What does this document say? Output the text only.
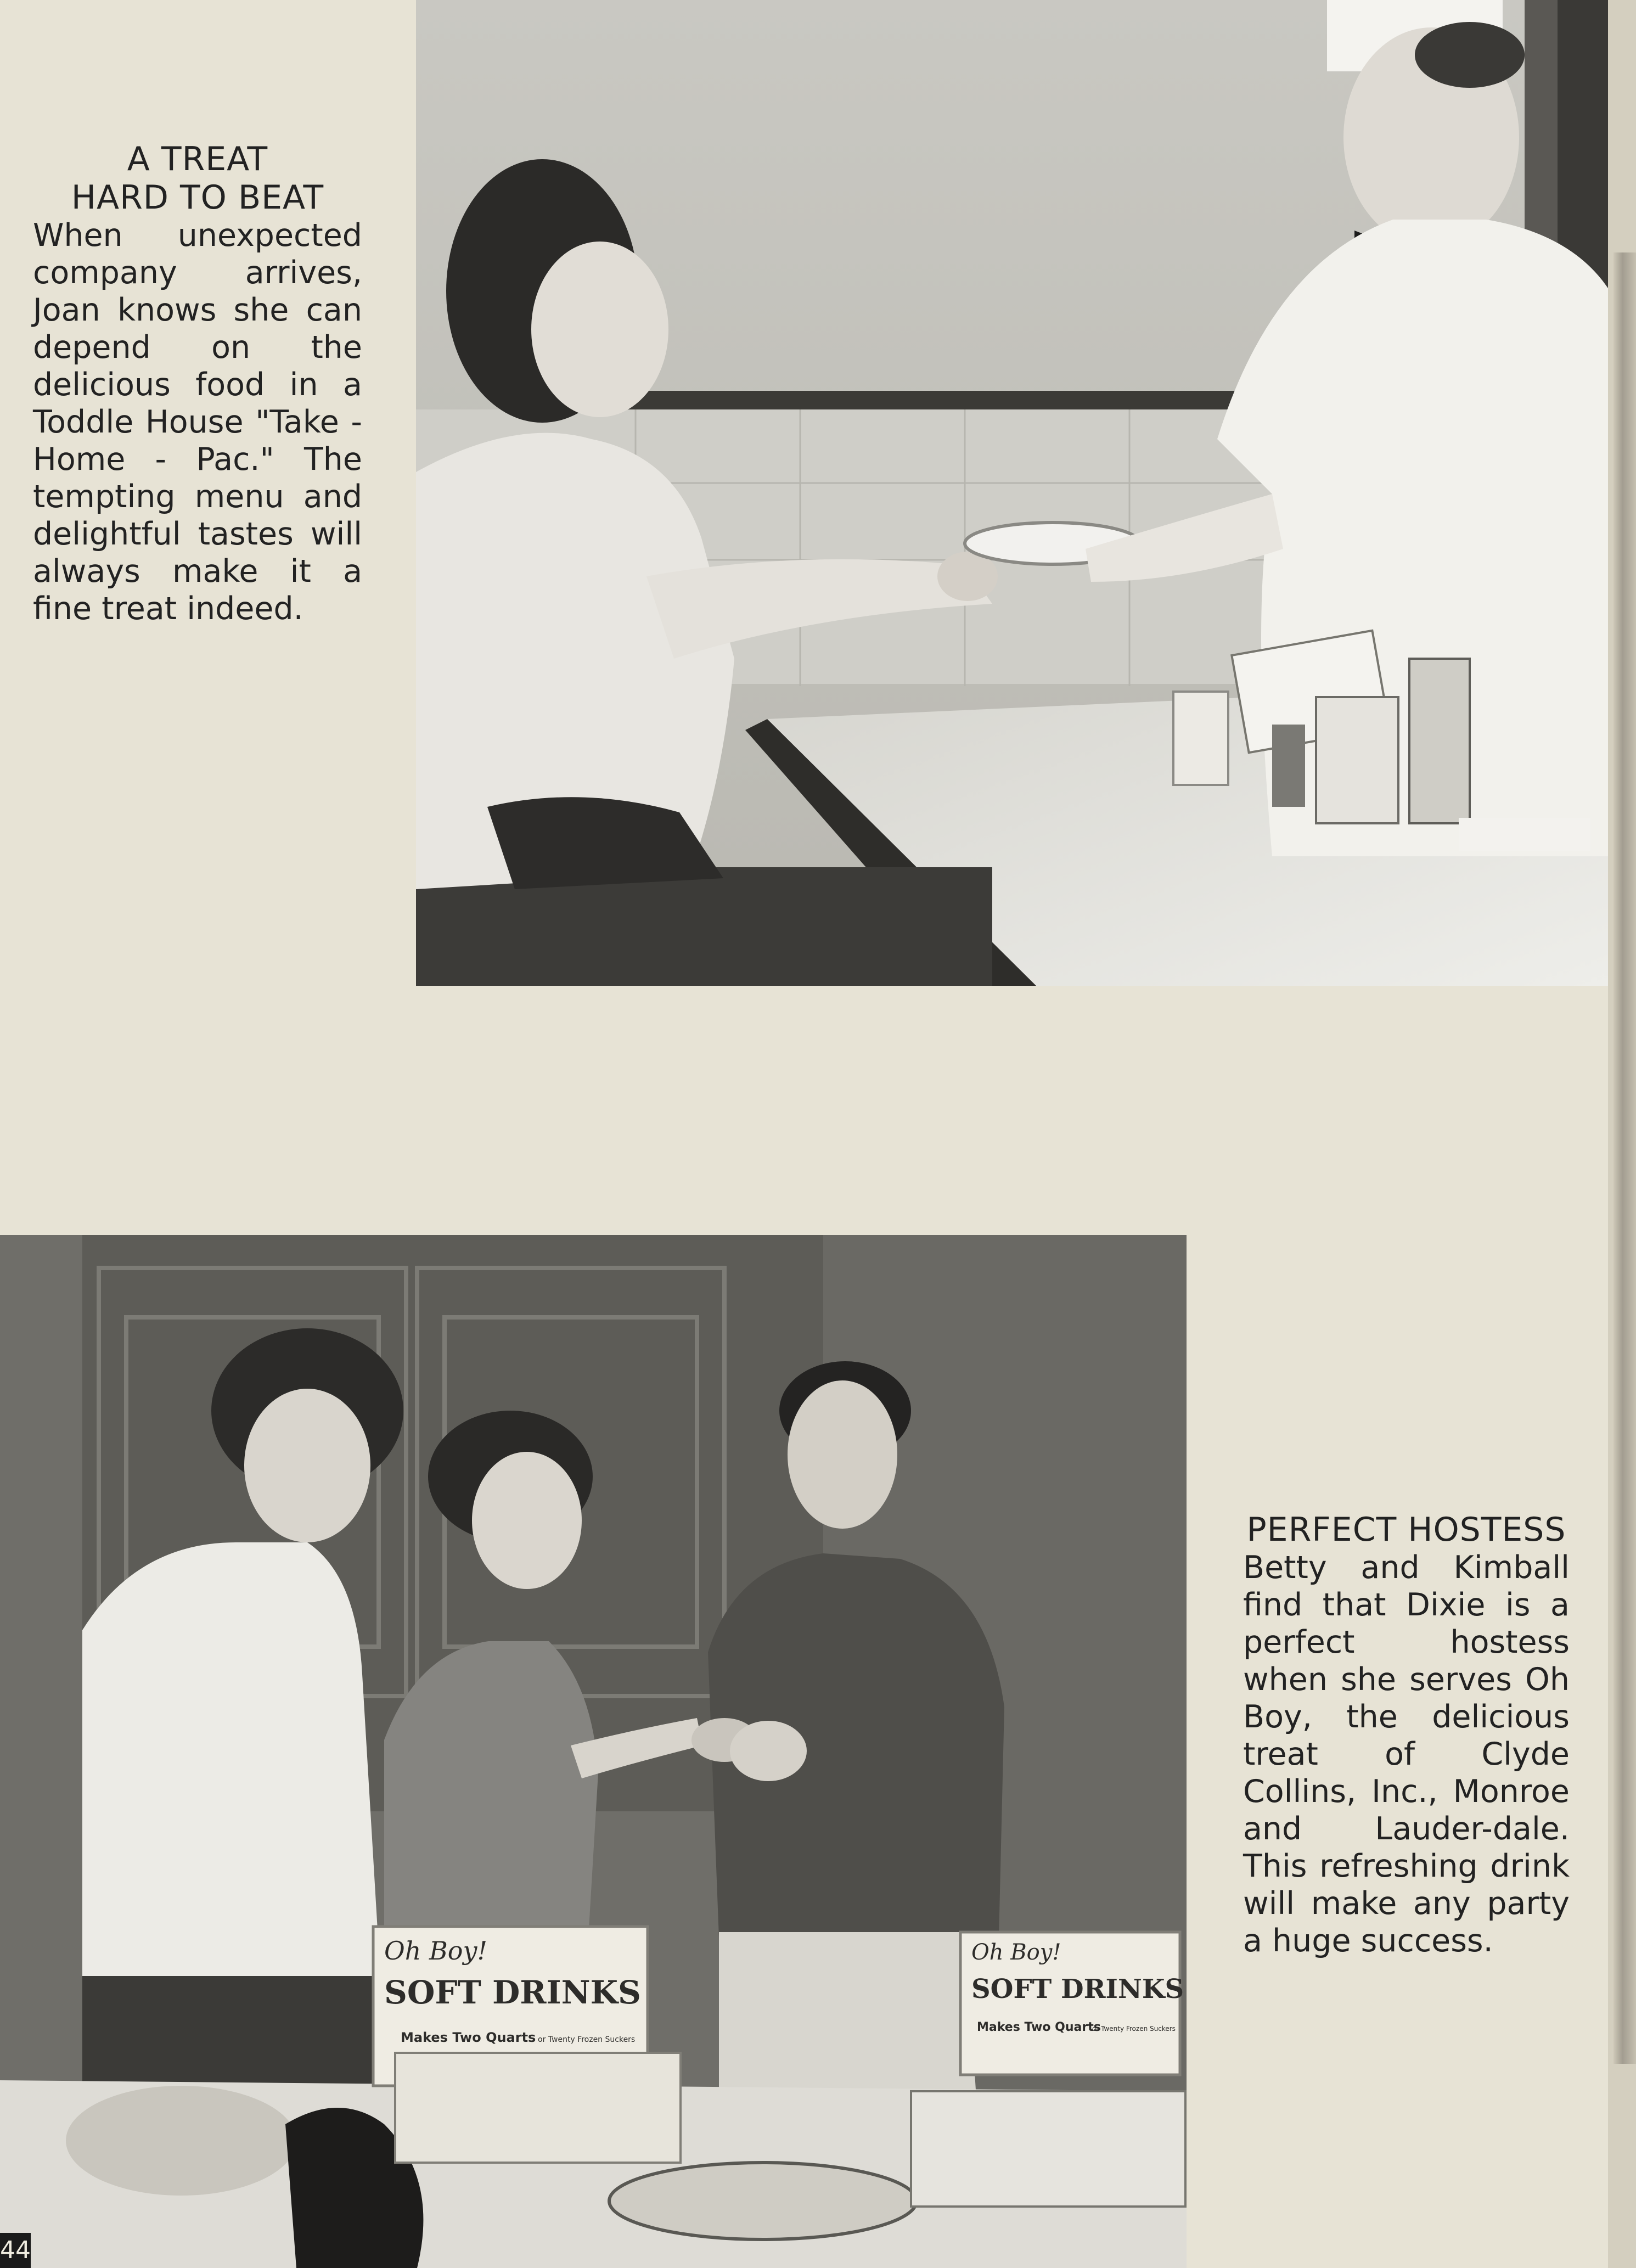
A TREAT
HARD TO BEAT
When unexpected company arrives, Joan knows she can depend on the delicious food in a Toddle House "Take - Home - Pac." The tempting menu and delightful tastes will always make it a fine treat indeed.
Oh Boy!
SOFT DRINKS
Makes Two Quarts or Twenty Frozen Suckers
Oh Boy!
SOFT DRINKS
Makes Two Quarts
or Twenty Frozen Suckers
PERFECT HOSTESS
Betty and Kimball find that Dixie is a perfect hostess when she serves Oh Boy, the delicious treat of Clyde Collins, Inc., Monroe and Lauder-dale. This refreshing drink will make any party a huge success.
44
